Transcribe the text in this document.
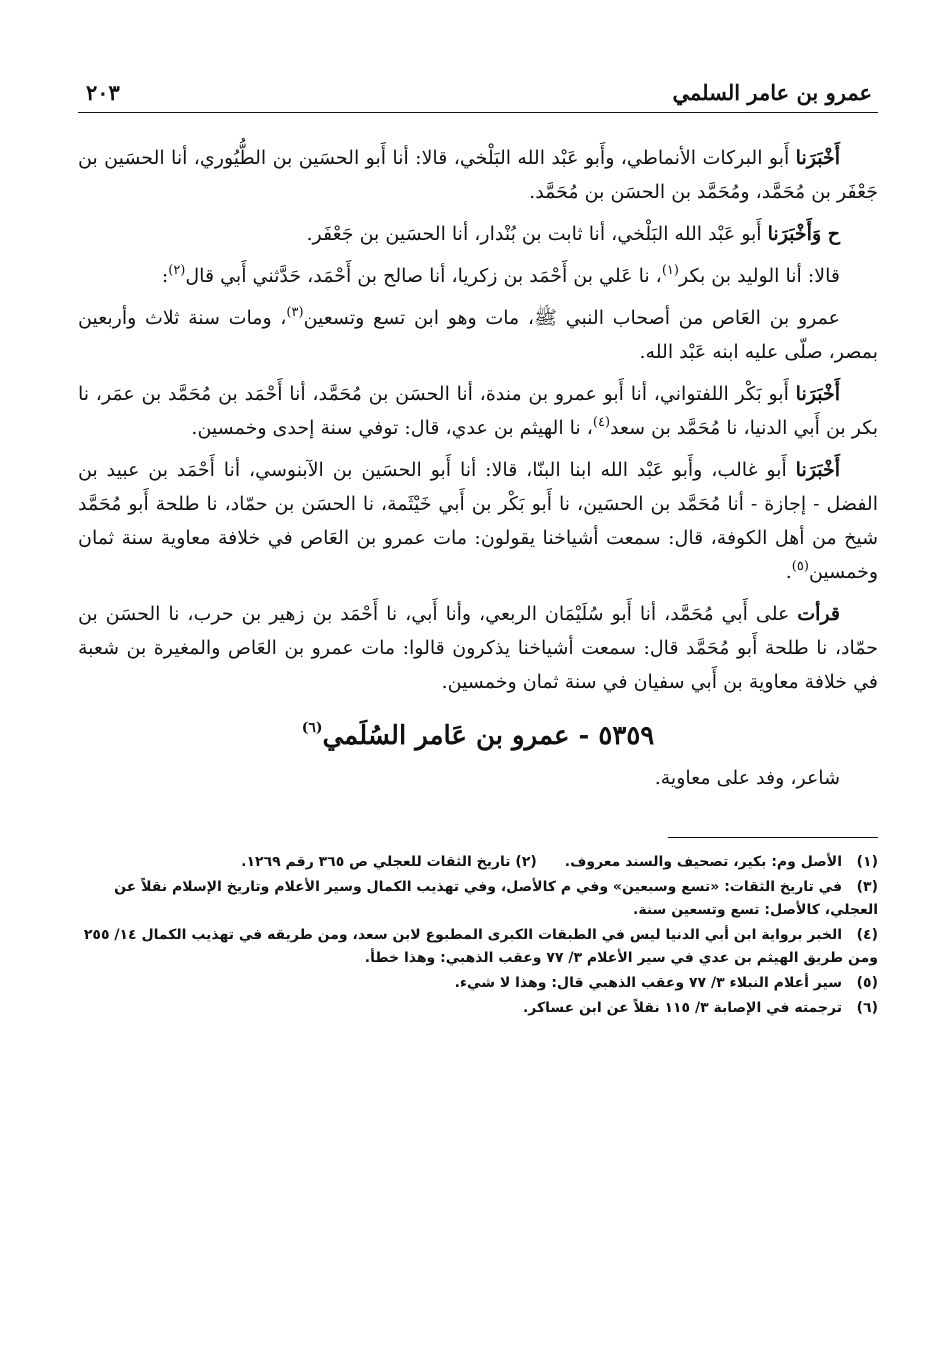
عمرو بن عامر السلمي
٢٠٣

أَخْبَرَنا أَبو البركات الأنماطي، وأَبو عَبْد الله البَلْخي، قالا: أنا أَبو الحسَين بن الطُّيُوري، أنا الحسَين بن جَعْفَر بن مُحَمَّد، ومُحَمَّد بن الحسَن بن مُحَمَّد.

ح وَأَخْبَرَنا أَبو عَبْد الله البَلْخي، أنا ثابت بن بُنْدار، أنا الحسَين بن جَعْفَر.

قالا: أنا الوليد بن بكر$^{(١)}$، نا عَلي بن أَحْمَد بن زكريا، أنا صالح بن أَحْمَد، حَدَّثني أَبي قال$^{(٢)}$:

عمرو بن العَاص من أصحاب النبي ﷺ، مات وهو ابن تسع وتسعين$^{(٣)}$، ومات سنة ثلاث وأربعين بمصر، صلّى عليه ابنه عَبْد الله.

أَخْبَرَنا أَبو بَكْر اللفتواني، أنا أَبو عمرو بن مندة، أنا الحسَن بن مُحَمَّد، أنا أَحْمَد بن مُحَمَّد بن عمَر، نا بكر بن أَبي الدنيا، نا مُحَمَّد بن سعد$^{(٤)}$، نا الهيثم بن عدي، قال: توفي سنة إحدى وخمسين.

أَخْبَرَنا أَبو غالب، وأَبو عَبْد الله ابنا البنّا، قالا: أنا أَبو الحسَين بن الآبنوسي، أنا أَحْمَد بن عبيد بن الفضل - إجازة - أنا مُحَمَّد بن الحسَين، نا أَبو بَكْر بن أَبي خَيْثَمة، نا الحسَن بن حمّاد، نا طلحة أَبو مُحَمَّد شيخ من أهل الكوفة، قال: سمعت أشياخنا يقولون: مات عمرو بن العَاص في خلافة معاوية سنة ثمان وخمسين$^{(٥)}$.

قرأت على أَبي مُحَمَّد، أنا أَبو سُلَيْمَان الربعي، وأنا أَبي، نا أَحْمَد بن زهير بن حرب، نا الحسَن بن حمّاد، نا طلحة أَبو مُحَمَّد قال: سمعت أشياخنا يذكرون قالوا: مات عمرو بن العَاص والمغيرة بن شعبة في خلافة معاوية بن أَبي سفيان في سنة ثمان وخمسين.

٥٣٥٩ - عمرو بن عَامر السُلَمي$^{(٦)}$

شاعر، وفد على معاوية.

(١)الأصل وم: بكير، تصحيف والسند معروف.(٢) تاريخ الثقات للعجلي ص ٣٦٥ رقم ١٢٦٩.

(٣)في تاريخ الثقات: «تسع وسبعين» وفي م كالأصل، وفي تهذيب الكمال وسير الأعلام وتاريخ الإسلام نقلاً عن العجلي، كالأصل: تسع وتسعين سنة.

(٤)الخبر برواية ابن أبي الدنيا ليس في الطبقات الكبرى المطبوع لابن سعد، ومن طريقه في تهذيب الكمال ١٤/ ٢٥٥ ومن طريق الهيثم بن عدي في سير الأعلام ٣/ ٧٧ وعقب الذهبي: وهذا خطأ.

(٥)سير أعلام النبلاء ٣/ ٧٧ وعقب الذهبي قال: وهذا لا شيء.

(٦)ترجمته في الإصابة ٣/ ١١٥ نقلاً عن ابن عساكر.
